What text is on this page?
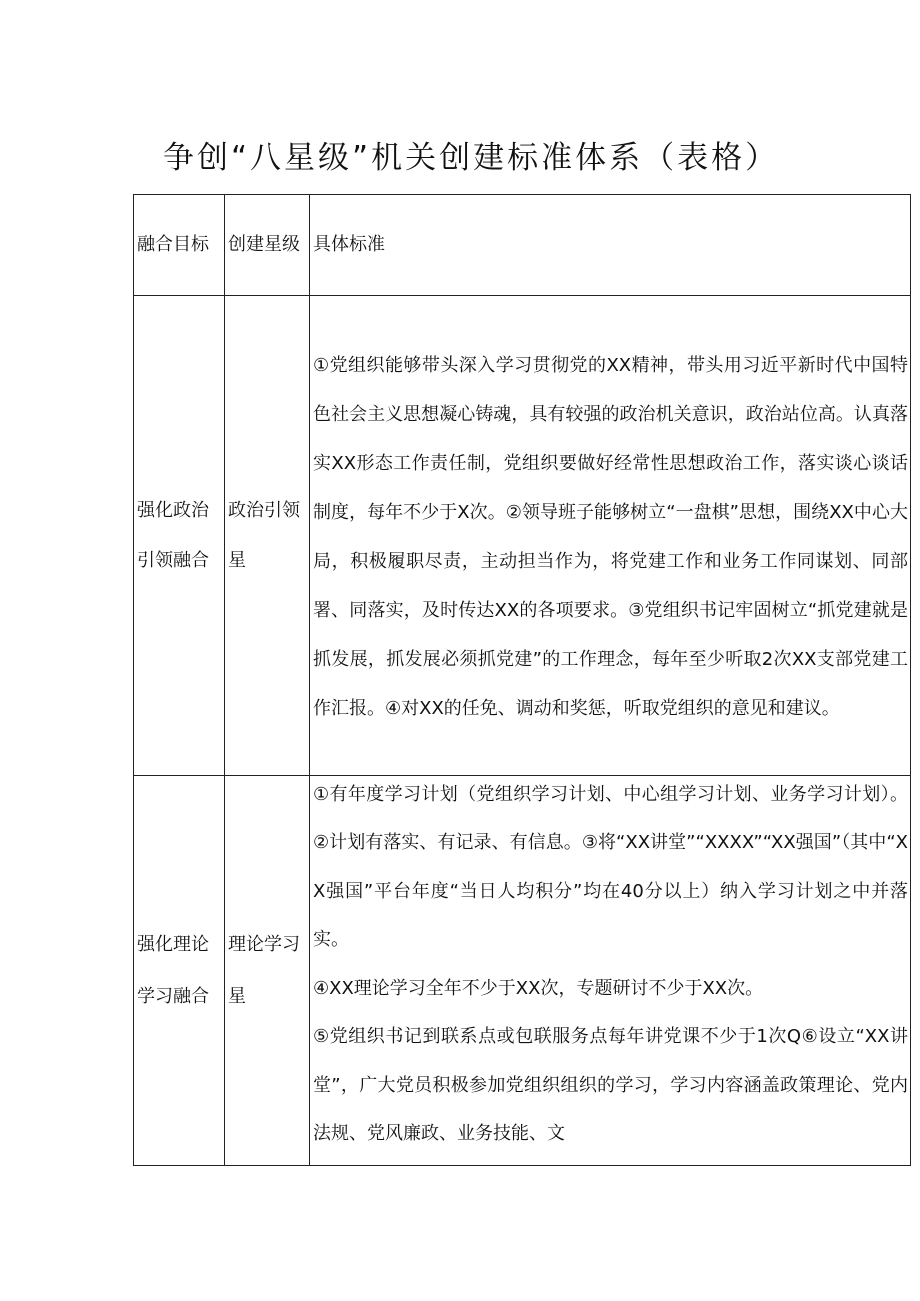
争创“八星级”机关创建标准体系（表格）
融合目标	创建星级	具体标准

强化政治引领融合	政治引领星	①党组织能够带头深入学习贯彻党的XX精神，带头用习近平新时代中国特色社会主义思想凝心铸魂，具有较强的政治机关意识，政治站位高。认真落实XX形态工作责任制，党组织要做好经常性思想政治工作，落实谈心谈话制度，每年不少于X次。②领导班子能够树立“一盘棋”思想，围绕XX中心大局，积极履职尽责，主动担当作为，将党建工作和业务工作同谋划、同部署、同落实，及时传达XX的各项要求。③党组织书记牢固树立“抓党建就是抓发展，抓发展必须抓党建”的工作理念，每年至少听取2次XX支部党建工作汇报。④对XX的任免、调动和奖惩，听取党组织的意见和建议。

强化理论学习融合	理论学习星	①有年度学习计划（党组织学习计划、中心组学习计划、业务学习计划）。②计划有落实、有记录、有信息。③将“XX讲堂”“XXXX”“XX强国”（其中“XX强国”平台年度“当日人均积分”均在40分以上）纳入学习计划之中并落实。
④XX理论学习全年不少于XX次，专题研讨不少于XX次。
⑤党组织书记到联系点或包联服务点每年讲党课不少于1次Q⑥设立“XX讲堂”，广大党员积极参加党组织组织的学习，学习内容涵盖政策理论、党内法规、党风廉政、业务技能、文
